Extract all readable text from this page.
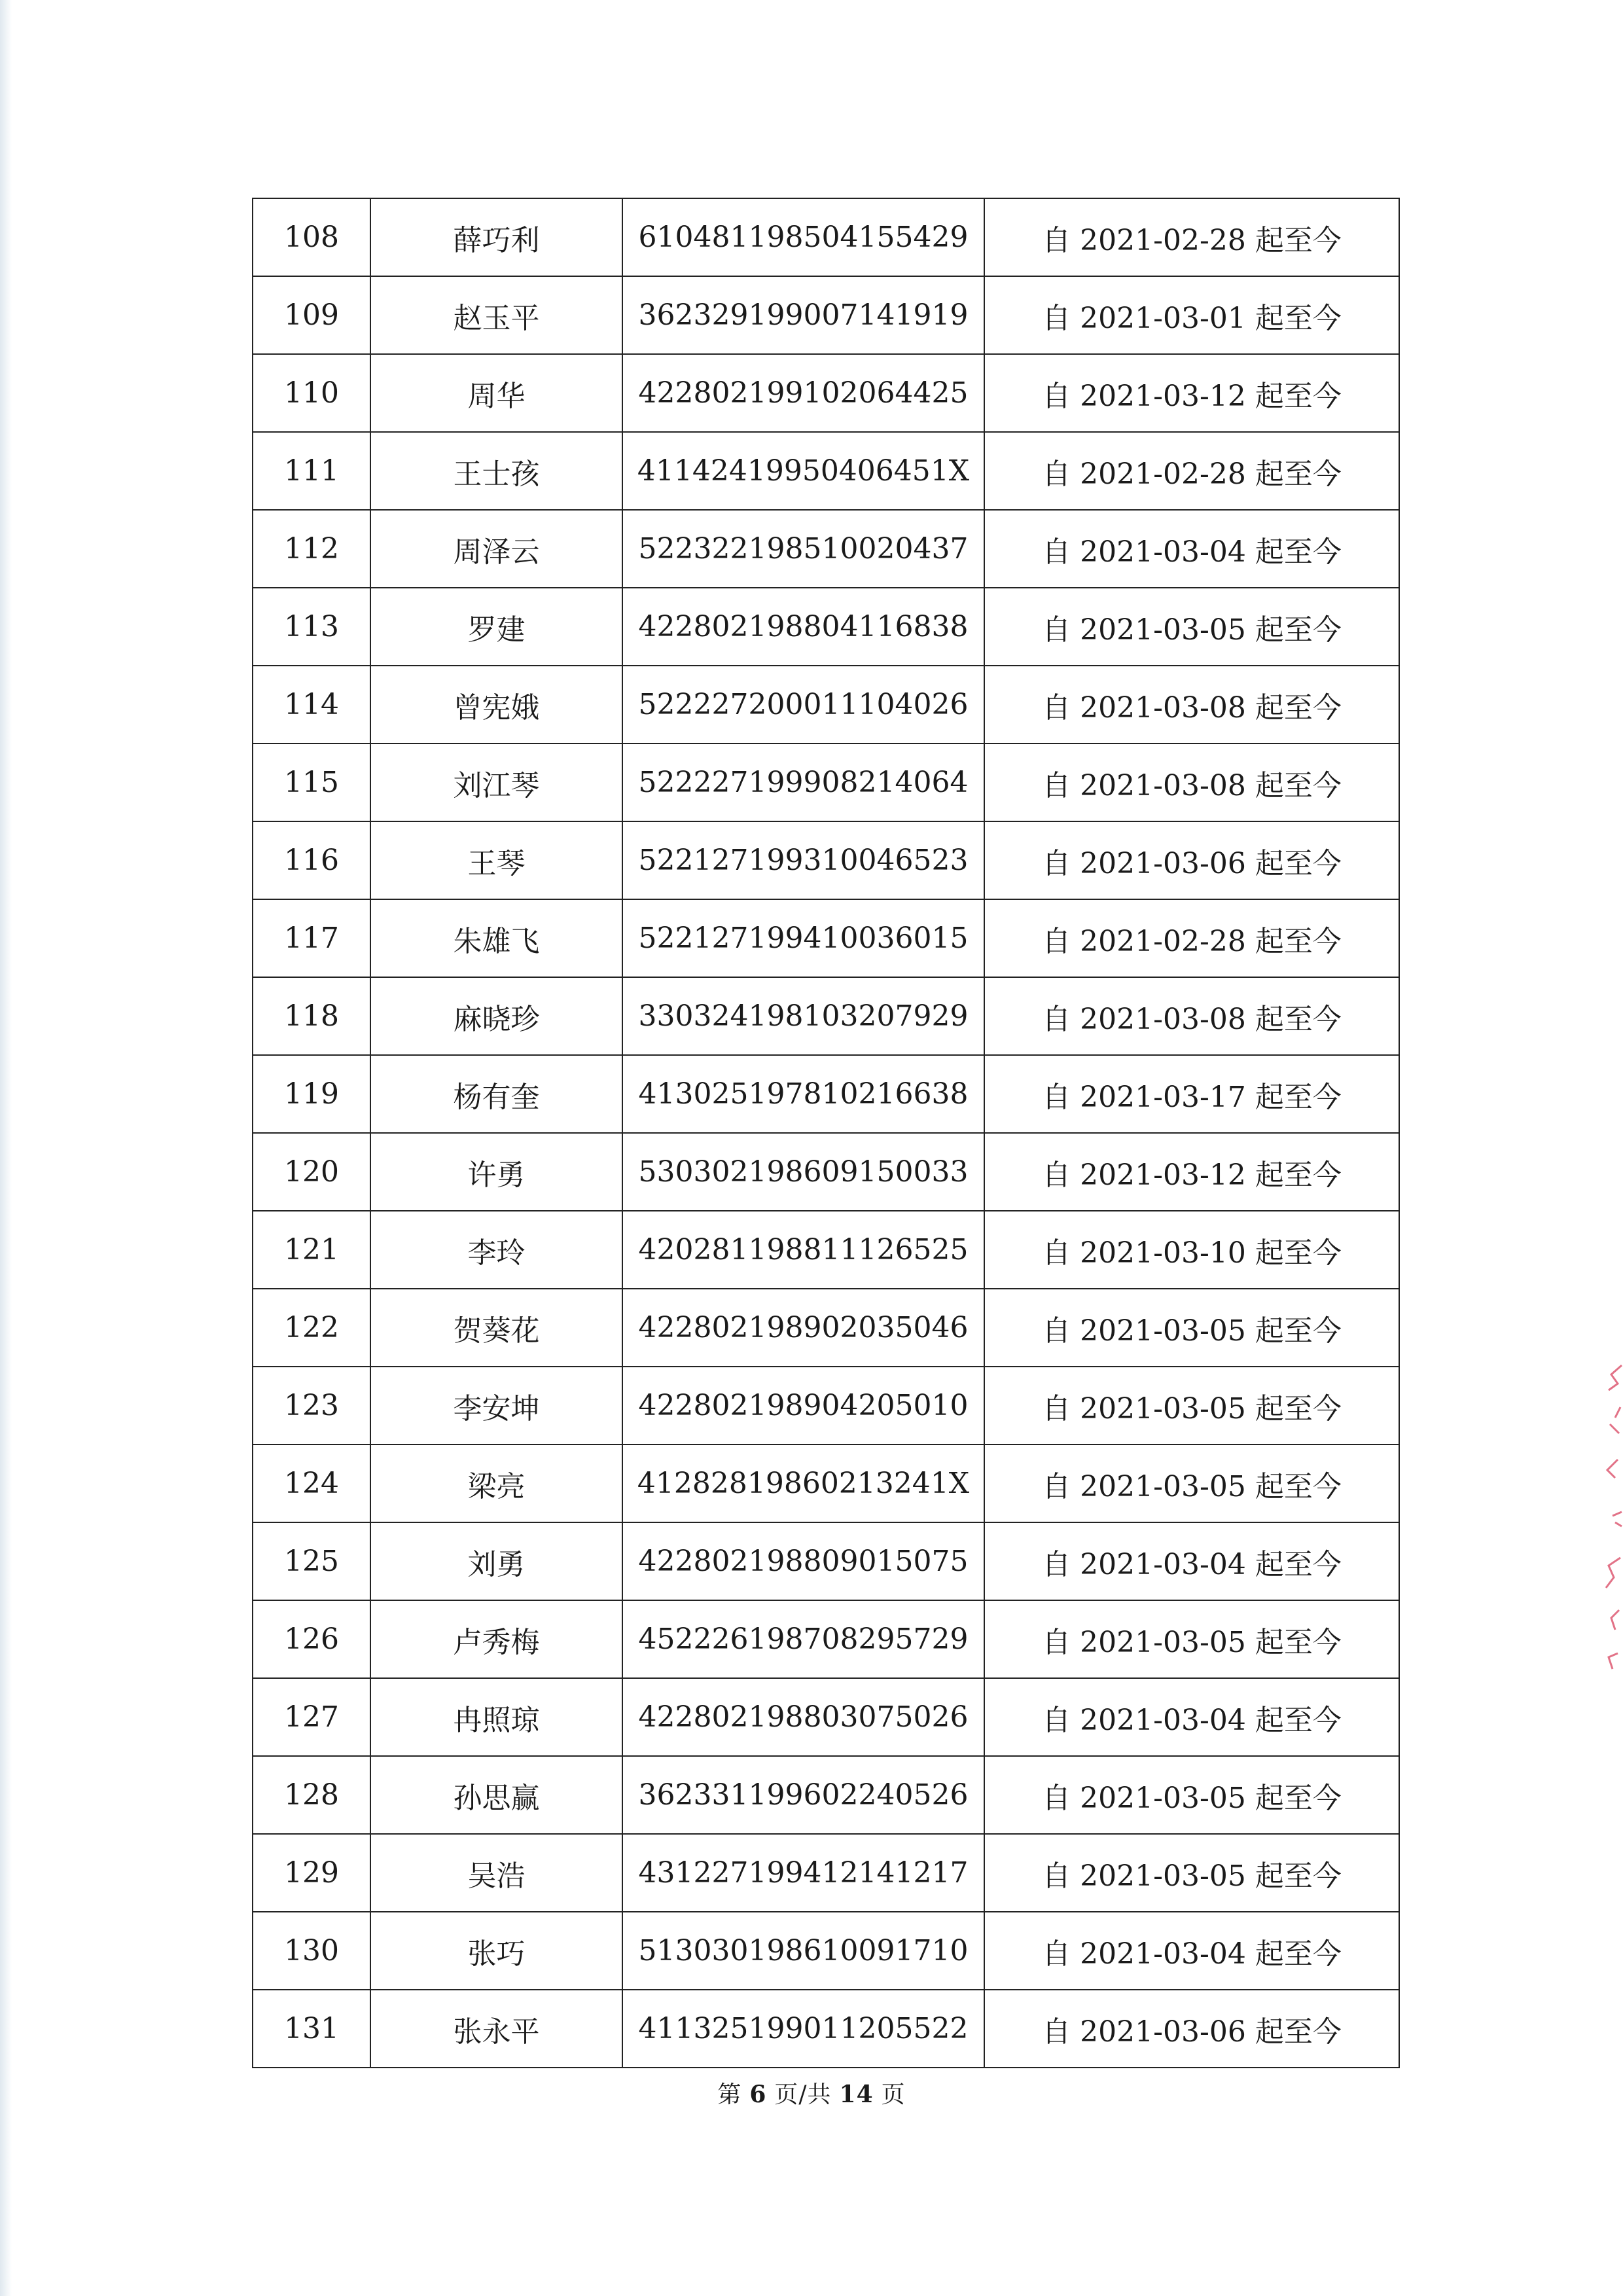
108	薛巧利	610481198504155429	自 2021-02-28 起至今
109	赵玉平	362329199007141919	自 2021-03-01 起至今
110	周华	422802199102064425	自 2021-03-12 起至今
111	王士孩	41142419950406451X	自 2021-02-28 起至今
112	周泽云	522322198510020437	自 2021-03-04 起至今
113	罗建	422802198804116838	自 2021-03-05 起至今
114	曾宪娥	522227200011104026	自 2021-03-08 起至今
115	刘江琴	522227199908214064	自 2021-03-08 起至今
116	王琴	522127199310046523	自 2021-03-06 起至今
117	朱雄飞	522127199410036015	自 2021-02-28 起至今
118	麻晓珍	330324198103207929	自 2021-03-08 起至今
119	杨有奎	413025197810216638	自 2021-03-17 起至今
120	许勇	530302198609150033	自 2021-03-12 起至今
121	李玲	420281198811126525	自 2021-03-10 起至今
122	贺葵花	422802198902035046	自 2021-03-05 起至今
123	李安坤	422802198904205010	自 2021-03-05 起至今
124	梁亮	41282819860213241X	自 2021-03-05 起至今
125	刘勇	422802198809015075	自 2021-03-04 起至今
126	卢秀梅	452226198708295729	自 2021-03-05 起至今
127	冉照琼	422802198803075026	自 2021-03-04 起至今
128	孙思赢	362331199602240526	自 2021-03-05 起至今
129	吴浩	431227199412141217	自 2021-03-05 起至今
130	张巧	513030198610091710	自 2021-03-04 起至今
131	张永平	411325199011205522	自 2021-03-06 起至今
第 6 页/共 14 页
